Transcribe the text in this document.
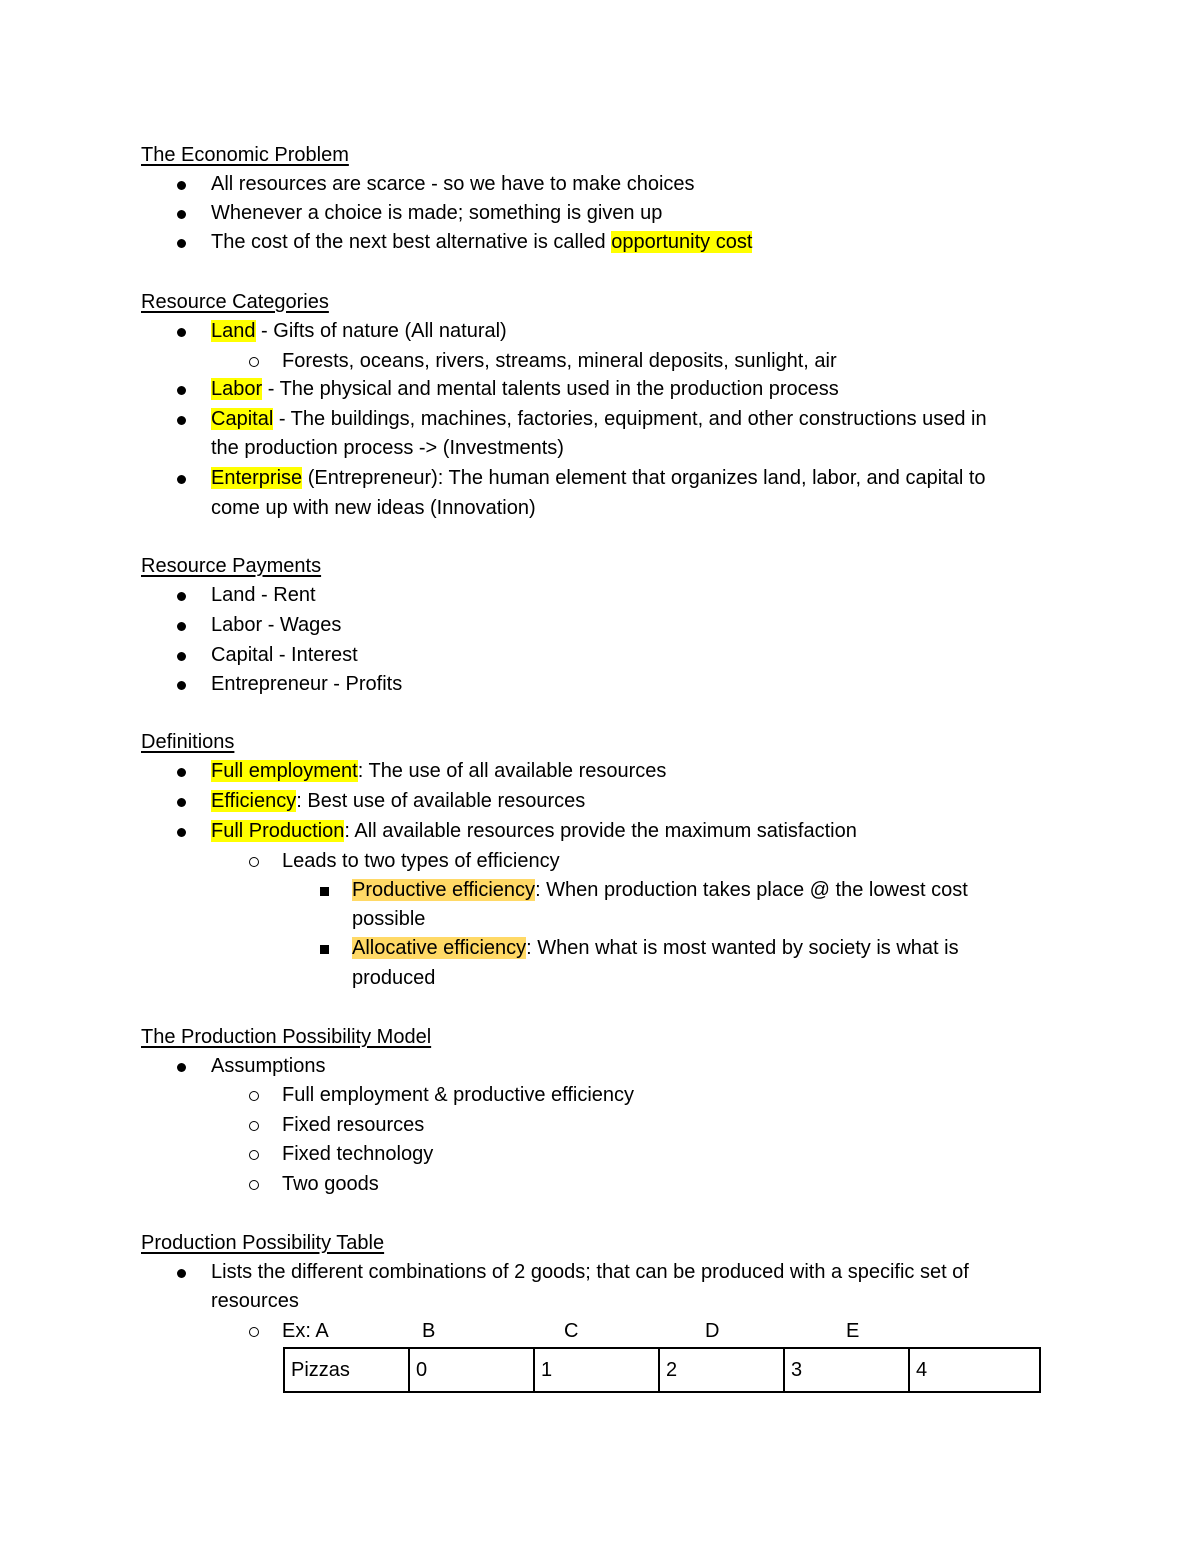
The Economic Problem
All resources are scarce - so we have to make choices
Whenever a choice is made; something is given up
The cost of the next best alternative is called opportunity cost
Resource Categories
Land - Gifts of nature (All natural)
Forests, oceans, rivers, streams, mineral deposits, sunlight, air
Labor - The physical and mental talents used in the production process
Capital - The buildings, machines, factories, equipment, and other constructions used in
the production process -> (Investments)
Enterprise (Entrepreneur): The human element that organizes land, labor, and capital to
come up with new ideas (Innovation)
Resource Payments
Land - Rent
Labor - Wages
Capital - Interest
Entrepreneur - Profits
Definitions
Full employment: The use of all available resources
Efficiency: Best use of available resources
Full Production: All available resources provide the maximum satisfaction
Leads to two types of efficiency
Productive efficiency: When production takes place @ the lowest cost
possible
Allocative efficiency: When what is most wanted by society is what is
produced
The Production Possibility Model
Assumptions
Full employment & productive efficiency
Fixed resources
Fixed technology
Two goods
Production Possibility Table
Lists the different combinations of 2 goods; that can be produced with a specific set of
resources
Ex: A	B	C	D	E
Pizzas	0	1	2	3	4
